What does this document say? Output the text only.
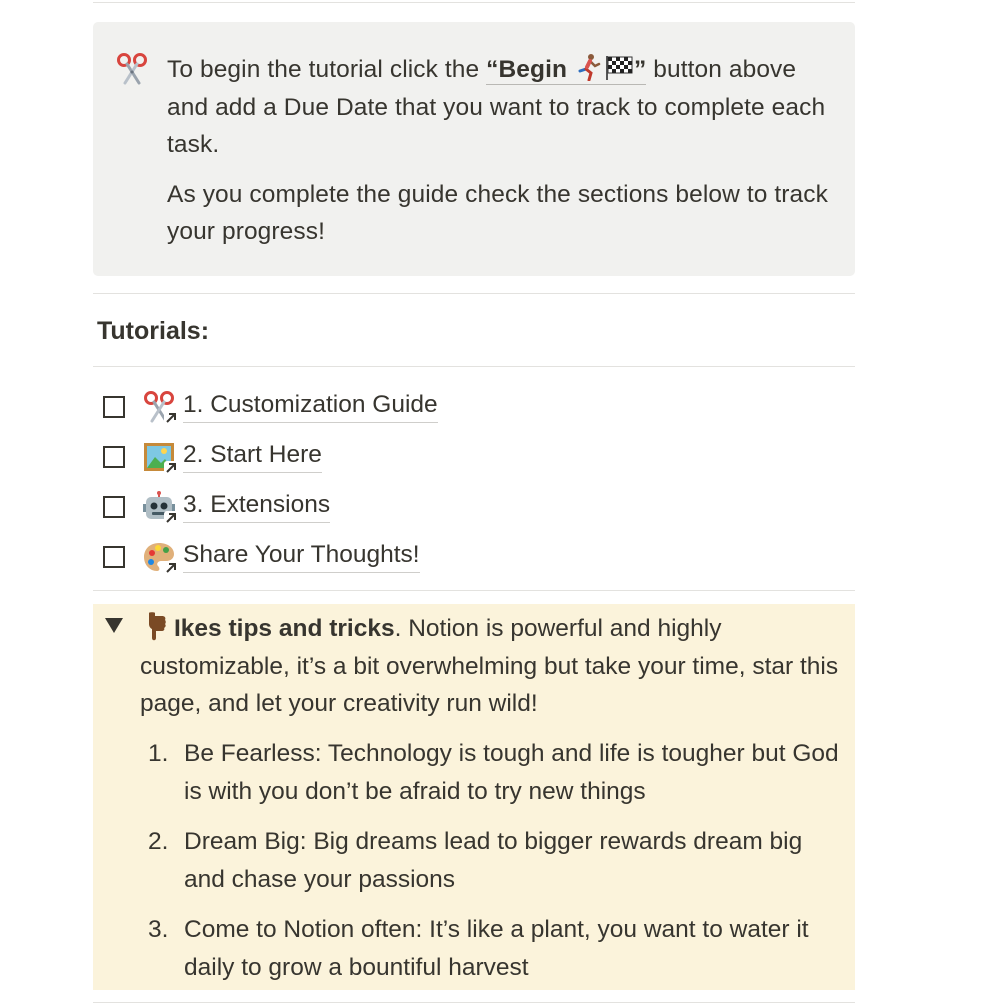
To begin the tutorial click the “Begin ” button above and add a Due Date that you want to track to complete each task.

As you complete the guide check the sections below to track your progress!

Tutorials:
1. Customization Guide
2. Start Here
3. Extensions
Share Your Thoughts!
Ikes tips and tricks. Notion is powerful and highly customizable, it’s a bit overwhelming but take your time, star this page, and let your creativity run wild!
1. Be Fearless: Technology is tough and life is tougher but God is with you don’t be afraid to try new things
2. Dream Big: Big dreams lead to bigger rewards dream big and chase your passions
3. Come to Notion often: It’s like a plant, you want to water it daily to grow a bountiful harvest
